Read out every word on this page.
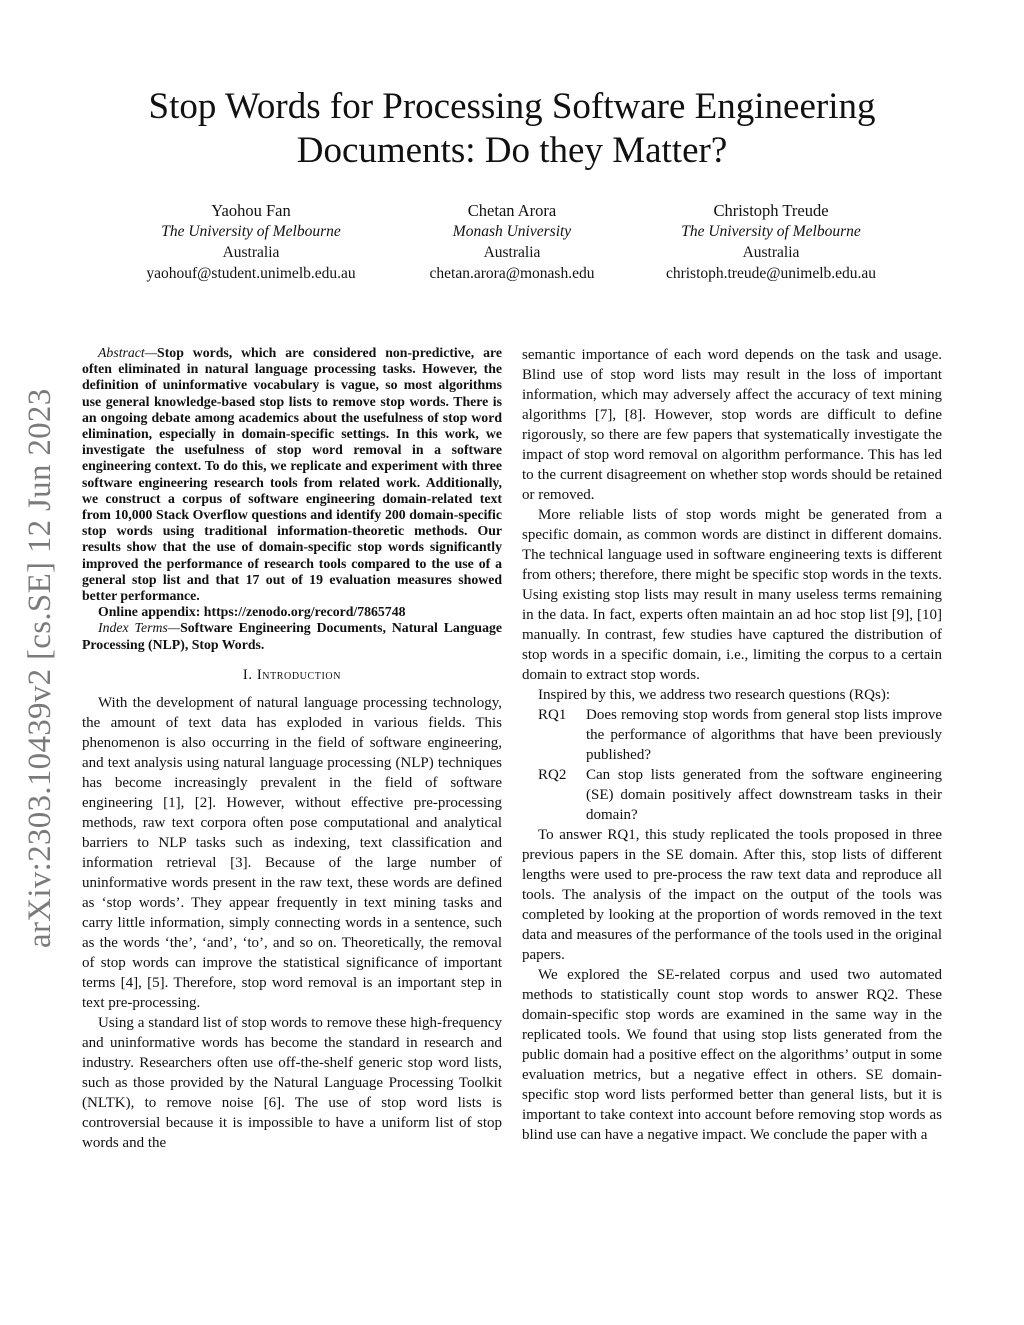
arXiv:2303.10439v2 [cs.SE] 12 Jun 2023
Stop Words for Processing Software Engineering Documents: Do they Matter?
Yaohou Fan
The University of Melbourne
Australia
yaohouf@student.unimelb.edu.au
Chetan Arora
Monash University
Australia
chetan.arora@monash.edu
Christoph Treude
The University of Melbourne
Australia
christoph.treude@unimelb.edu.au

Abstract—Stop words, which are considered non-predictive, are often eliminated in natural language processing tasks. However, the definition of uninformative vocabulary is vague, so most algorithms use general knowledge-based stop lists to remove stop words. There is an ongoing debate among academics about the usefulness of stop word elimination, especially in domain-specific settings. In this work, we investigate the usefulness of stop word removal in a software engineering context. To do this, we replicate and experiment with three software engineering research tools from related work. Additionally, we construct a corpus of software engineering domain-related text from 10,000 Stack Overflow questions and identify 200 domain-specific stop words using traditional information-theoretic methods. Our results show that the use of domain-specific stop words significantly improved the performance of research tools compared to the use of a general stop list and that 17 out of 19 evaluation measures showed better performance.

Online appendix: https://zenodo.org/record/7865748

Index Terms—Software Engineering Documents, Natural Language Processing (NLP), Stop Words.

I. Introduction

With the development of natural language processing technology, the amount of text data has exploded in various fields. This phenomenon is also occurring in the field of software engineering, and text analysis using natural language processing (NLP) techniques has become increasingly prevalent in the field of software engineering [1], [2]. However, without effective pre-processing methods, raw text corpora often pose computational and analytical barriers to NLP tasks such as indexing, text classification and information retrieval [3]. Because of the large number of uninformative words present in the raw text, these words are defined as ‘stop words’. They appear frequently in text mining tasks and carry little information, simply connecting words in a sentence, such as the words ‘the’, ‘and’, ‘to’, and so on. Theoretically, the removal of stop words can improve the statistical significance of important terms [4], [5]. Therefore, stop word removal is an important step in text pre-processing.

Using a standard list of stop words to remove these high-frequency and uninformative words has become the standard in research and industry. Researchers often use off-the-shelf generic stop word lists, such as those provided by the Natural Language Processing Toolkit (NLTK), to remove noise [6]. The use of stop word lists is controversial because it is impossible to have a uniform list of stop words and the

semantic importance of each word depends on the task and usage. Blind use of stop word lists may result in the loss of important information, which may adversely affect the accuracy of text mining algorithms [7], [8]. However, stop words are difficult to define rigorously, so there are few papers that systematically investigate the impact of stop word removal on algorithm performance. This has led to the current disagreement on whether stop words should be retained or removed.

More reliable lists of stop words might be generated from a specific domain, as common words are distinct in different domains. The technical language used in software engineering texts is different from others; therefore, there might be specific stop words in the texts. Using existing stop lists may result in many useless terms remaining in the data. In fact, experts often maintain an ad hoc stop list [9], [10] manually. In contrast, few studies have captured the distribution of stop words in a specific domain, i.e., limiting the corpus to a certain domain to extract stop words.

Inspired by this, we address two research questions (RQs):

RQ1	Does removing stop words from general stop lists improve the performance of algorithms that have been previously published?
RQ2	Can stop lists generated from the software engineering (SE) domain positively affect downstream tasks in their domain?

To answer RQ1, this study replicated the tools proposed in three previous papers in the SE domain. After this, stop lists of different lengths were used to pre-process the raw text data and reproduce all tools. The analysis of the impact on the output of the tools was completed by looking at the proportion of words removed in the text data and measures of the performance of the tools used in the original papers.

We explored the SE-related corpus and used two automated methods to statistically count stop words to answer RQ2. These domain-specific stop words are examined in the same way in the replicated tools. We found that using stop lists generated from the public domain had a positive effect on the algorithms’ output in some evaluation metrics, but a negative effect in others. SE domain-specific stop word lists performed better than general lists, but it is important to take context into account before removing stop words as blind use can have a negative impact. We conclude the paper with a
